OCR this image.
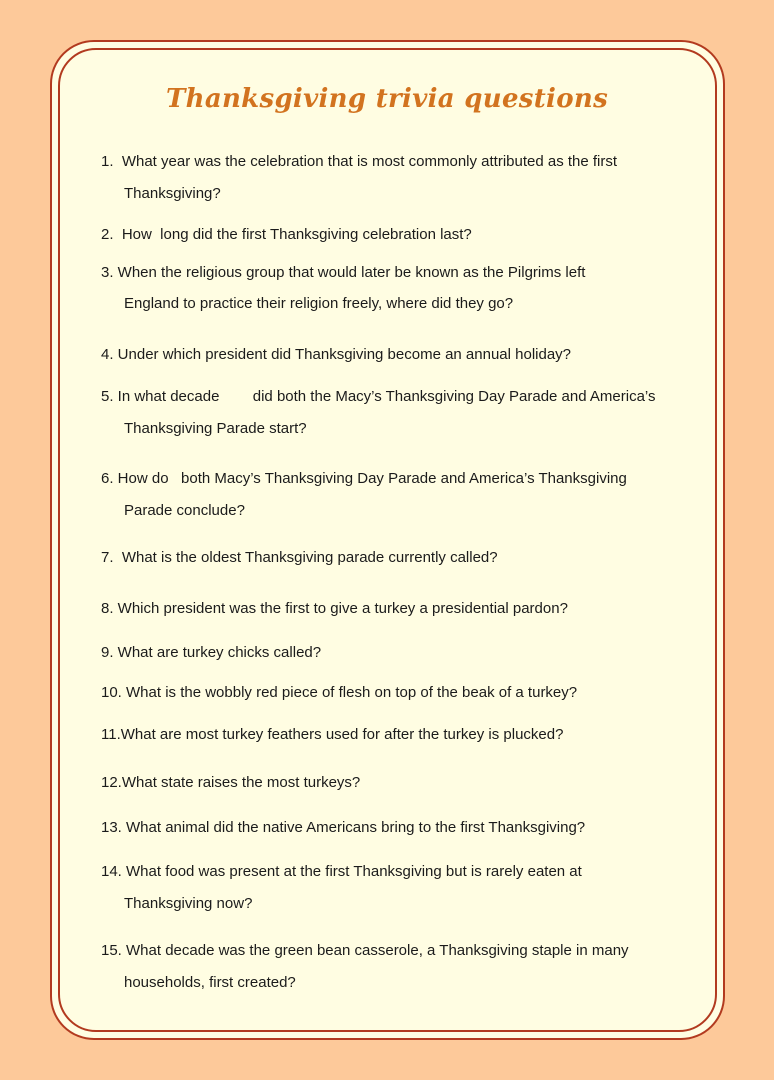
Thanksgiving trivia questions
1.  What year was the celebration that is most commonly attributed as the first
Thanksgiving?
2.  How  long did the first Thanksgiving celebration last?
3. When the religious group that would later be known as the Pilgrims left
England to practice their religion freely, where did they go?
4. Under which president did Thanksgiving become an annual holiday?
5. In what decade        did both the Macy’s Thanksgiving Day Parade and America’s
Thanksgiving Parade start?
6. How do   both Macy’s Thanksgiving Day Parade and America’s Thanksgiving
Parade conclude?
7.  What is the oldest Thanksgiving parade currently called?
8. Which president was the first to give a turkey a presidential pardon?
9. What are turkey chicks called?
10. What is the wobbly red piece of flesh on top of the beak of a turkey?
11.What are most turkey feathers used for after the turkey is plucked?
12.What state raises the most turkeys?
13. What animal did the native Americans bring to the first Thanksgiving?
14. What food was present at the first Thanksgiving but is rarely eaten at
Thanksgiving now?
15. What decade was the green bean casserole, a Thanksgiving staple in many
households, first created?
